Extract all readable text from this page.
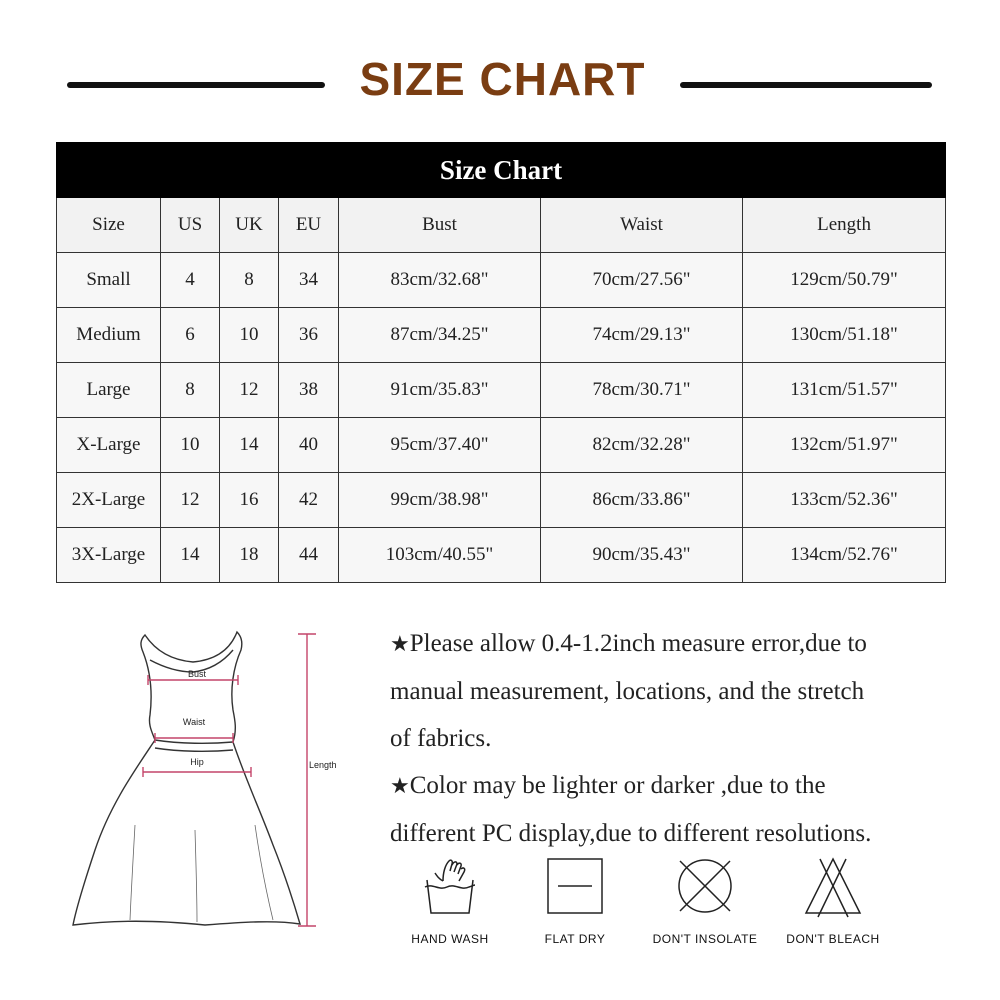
SIZE CHART
Size Chart						
Size	US	UK	EU	Bust	Waist	Length
Small	4	8	34	83cm/32.68"	70cm/27.56"	129cm/50.79"
Medium	6	10	36	87cm/34.25"	74cm/29.13"	130cm/51.18"
Large	8	12	38	91cm/35.83"	78cm/30.71"	131cm/51.57"
X-Large	10	14	40	95cm/37.40"	82cm/32.28"	132cm/51.97"
2X-Large	12	16	42	99cm/38.98"	86cm/33.86"	133cm/52.36"
3X-Large	14	18	44	103cm/40.55"	90cm/35.43"	134cm/52.76"
Bust
Waist
Hip	Length

★Please allow 0.4-1.2inch measure error,due to

manual measurement, locations, and the stretch

of fabrics.

★Color may be lighter or darker ,due to the

different PC display,due to different resolutions.

HAND WASH	FLAT DRY	DON'T INSOLATE	DON'T BLEACH
